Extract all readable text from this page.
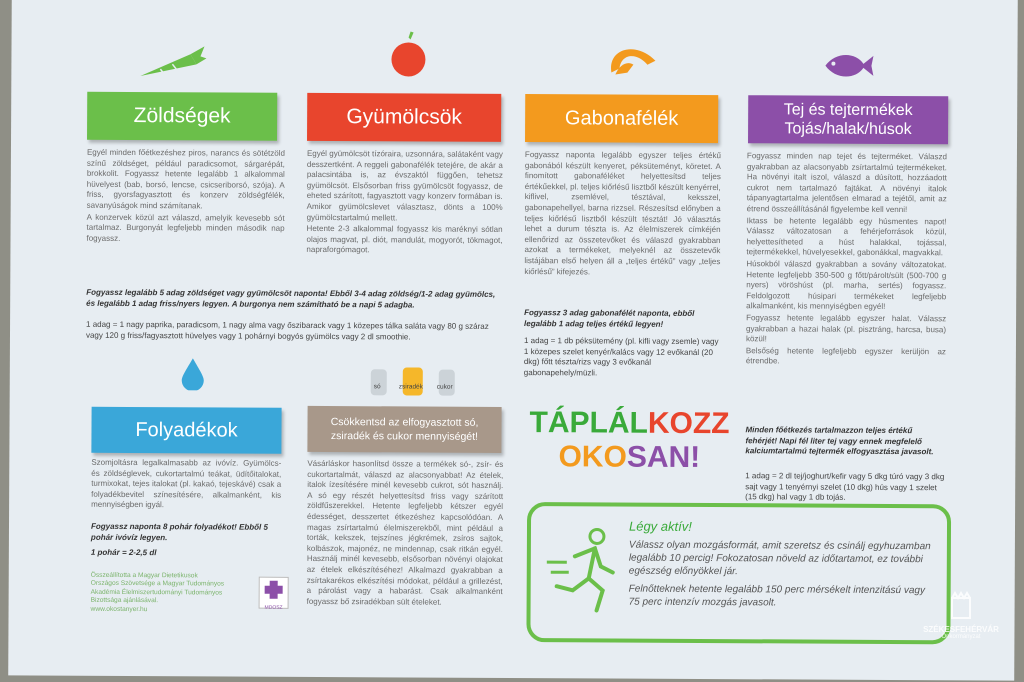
só	zsiradék cukor
Zöldségek	Gyümölcsök	Gabonafélék	Tej és tejtermékek
Tojás/halak/húsok
Folyadékok	Csökkentsd az elfogyasztott só,
zsiradék és cukor mennyiségét!

Egyél minden főétkezéshez piros, narancs és sötétzöld színű zöldséget, például paradicsomot, sárgarépát, brokkolit. Fogyassz hetente legalább 1 alkalommal hüvelyest (bab, borsó, lencse, csicseriborsó, szója). A friss, gyorsfagyasztott és konzerv zöldségfélék, savanyúságok mind számítanak.

A konzervek közül azt válaszd, amelyik kevesebb sót tartalmaz. Burgonyát legfeljebb minden második nap fogyassz.

Egyél gyümölcsöt tízóraira, uzsonnára, salátaként vagy desszertként. A reggeli gabonafélék tetejére, de akár a palacsintába is, az évszaktól függően, tehetsz gyümölcsöt. Elsősorban friss gyümölcsöt fogyassz, de eheted szárított, fagyasztott vagy konzerv formában is. Amikor gyümölcslevet választasz, dönts a 100% gyümölcstartalmú mellett.

Hetente 2-3 alkalommal fogyassz kis maréknyi sótlan olajos magvat, pl. diót, mandulát, mogyorót, tökmagot, napraforgómagot.

Fogyassz legalább 5 adag zöldséget vagy gyümölcsöt naponta! Ebből 3-4 adag zöldség/1-2 adag gyümölcs, és legalább 1 adag friss/nyers legyen. A burgonya nem számítható be a napi 5 adagba.

1 adag = 1 nagy paprika, paradicsom, 1 nagy alma vagy őszibarack vagy 1 közepes tálka saláta vagy 80 g száraz vagy 120 g friss/fagyasztott hüvelyes vagy 1 pohárnyi bogyós gyümölcs vagy 2 dl smoothie.

Fogyassz naponta legalább egyszer teljes értékű gabonából készült kenyeret, péksüteményt, köretet. A finomított gabonaféléket helyettesítsd teljes értékűekkel, pl. teljes kiőrlésű lisztből készült kenyérrel, kiflivel, zsemlével, tésztával, keksszel, gabonapehellyel, barna rizzsel. Részesítsd előnyben a teljes kiőrlésű lisztből készült tésztát! Jó választás lehet a durum tészta is. Az élelmiszerek címkéjén ellenőrizd az összetevőket és válaszd gyakrabban azokat a termékeket, melyeknél az összetevők listájában első helyen áll a „teljes értékű” vagy „teljes kiőrlésű” kifejezés.

Fogyassz 3 adag gabonafélét naponta, ebből legalább 1 adag teljes értékű legyen!

1 adag = 1 db péksütemény (pl. kifli vagy zsemle) vagy 1 közepes szelet kenyér/kalács vagy 12 evőkanál (20 dkg) főtt tészta/rizs vagy 3 evőkanál gabonapehely/müzli.

Fogyassz minden nap tejet és tejterméket. Válaszd gyakrabban az alacsonyabb zsírtartalmú tejtermékeket. Ha növényi italt iszol, válaszd a dúsított, hozzáadott cukrot nem tartalmazó fajtákat. A növényi italok tápanyagtartalma jelentősen elmarad a tejétől, amit az étrend összeállításánál figyelembe kell venni!

Iktass be hetente legalább egy húsmentes napot! Válassz változatosan a fehérjeforrások közül, helyettesítheted a húst halakkal, tojással, tejtermékekkel, hüvelyesekkel, gabonákkal, magvakkal.

Húsokból válaszd gyakrabban a sovány változatokat. Hetente legfeljebb 350-500 g főtt/párolt/sült (500-700 g nyers) vöröshúst (pl. marha, sertés) fogyassz. Feldolgozott húsipari termékeket legfeljebb alkalmanként, kis mennyiségben egyél!

Fogyassz hetente legalább egyszer halat. Válassz gyakrabban a hazai halak (pl. pisztráng, harcsa, busa) közül!

Belsőség hetente legfeljebb egyszer kerüljön az étrendbe.

Minden főétkezés tartalmazzon teljes értékű fehérjét! Napi fél liter tej vagy ennek megfelelő kalciumtartalmú tejtermék elfogyasztása javasolt.

1 adag = 2 dl tej/joghurt/kefir vagy 5 dkg túró vagy 3 dkg sajt vagy 1 tenyérnyi szelet (10 dkg) hús vagy 1 szelet (15 dkg) hal vagy 1 db tojás.

Szomjoltásra legalkalmasabb az ivóvíz. Gyümölcs- és zöldséglevek, cukortartalmú teákat, üdítőitalokat, turmixokat, tejes italokat (pl. kakaó, tejeskávé) csak a folyadékbevitel színesítésére, alkalmanként, kis mennyiségben igyál.

Fogyassz naponta 8 pohár folyadékot! Ebből 5 pohár ivóvíz legyen.

1 pohár = 2-2,5 dl

Összeállította a Magyar Dietetikusok
Országos Szövetsége a Magyar Tudományos
Akadémia Élelmiszertudományi Tudományos
Bizottsága ajánlásával.
www.okostanyer.hu	MDOSZ

Vásárláskor hasonlítsd össze a termékek só-, zsír- és cukortartalmát, válaszd az alacsonyabbat! Az ételek, italok ízesítésére minél kevesebb cukrot, sót használj. A só egy részét helyettesítsd friss vagy szárított zöldfűszerekkel. Hetente legfeljebb kétszer egyél édességet, desszertet étkezéshez kapcsolódóan. A magas zsírtartalmú élelmiszerekből, mint például a torták, kekszek, tejszínes jégkrémek, zsíros sajtok, kolbászok, majonéz, ne mindennap, csak ritkán egyél. Használj minél kevesebb, elsősorban növényi olajokat az ételek elkészítéséhez! Alkalmazd gyakrabban a zsírtakarékos elkészítési módokat, például a grillezést, a párolást vagy a habarást. Csak alkalmanként fogyassz bő zsiradékban sült ételeket.

TÁPLÁLKOZZ
OKOSAN!
Légy aktív!

Válassz olyan mozgásformát, amit szeretsz és csinálj egyhuzamban legalább 10 percig! Fokozatosan növeld az időtartamot, ez további egészség előnyökkel jár.

Felnőtteknek hetente legalább 150 perc mérsékelt intenzitású vagy 75 perc intenzív mozgás javasolt.

SZÉKESFEHÉRVÁR
Önkormányzat
